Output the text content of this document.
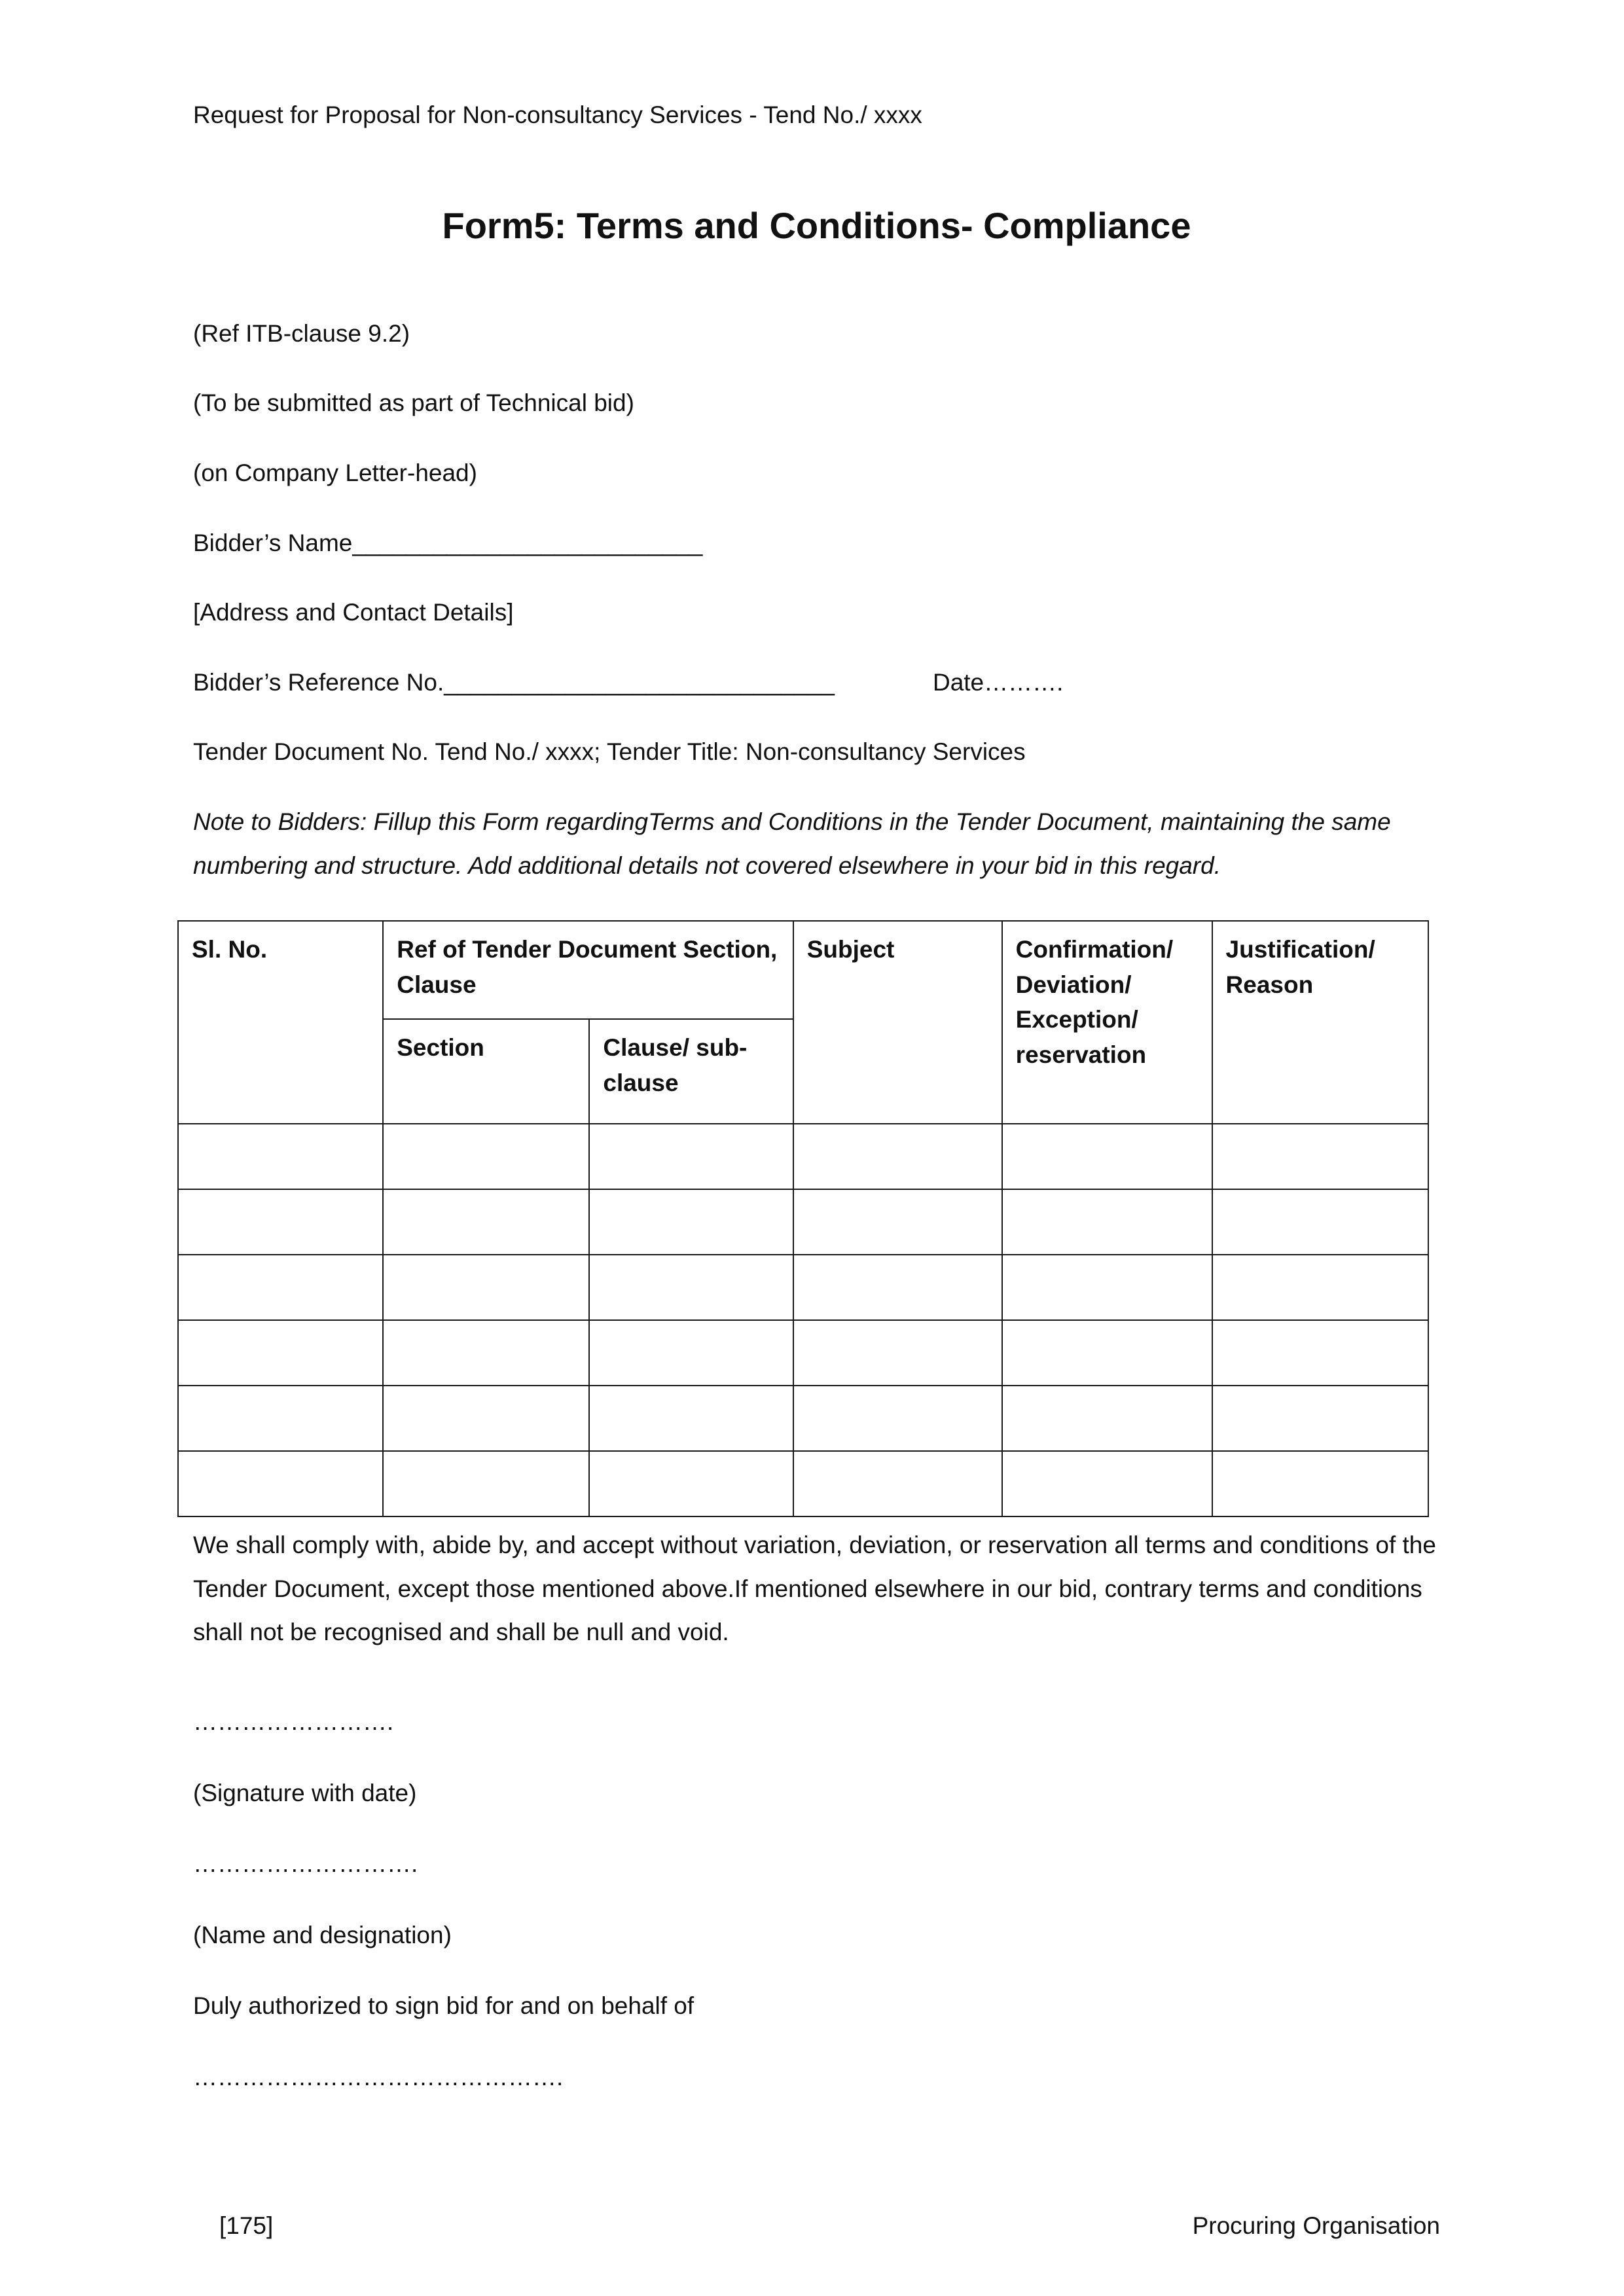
Request for Proposal for Non-consultancy Services - Tend No./ xxxx
Form5: Terms and Conditions- Compliance

(Ref ITB-clause 9.2)

(To be submitted as part of Technical bid)

(on Company Letter-head)

Bidder’s Name__________________________

[Address and Contact Details]

Bidder’s Reference No._____________________________	Date……….

Tender Document No. Tend No./ xxxx; Tender Title: Non-consultancy Services

Note to Bidders: Fillup this Form regardingTerms and Conditions in the Tender Document, maintaining the same numbering and structure. Add additional details not covered elsewhere in your bid in this regard.

Sl. No.	Ref of Tender Document Section, Clause		Subject	Confirmation/ Deviation/ Exception/ reservation	Justification/ Reason
	Section	Clause/ sub-clause			

We shall comply with, abide by, and accept without variation, deviation, or reservation all terms and conditions of the Tender Document, except those mentioned above.If mentioned elsewhere in our bid, contrary terms and conditions shall not be recognised and shall be null and void.

…………………….

(Signature with date)

……………………….

(Name and designation)

Duly authorized to sign bid for and on behalf of

……………………………………….

[175]	Procuring Organisation
